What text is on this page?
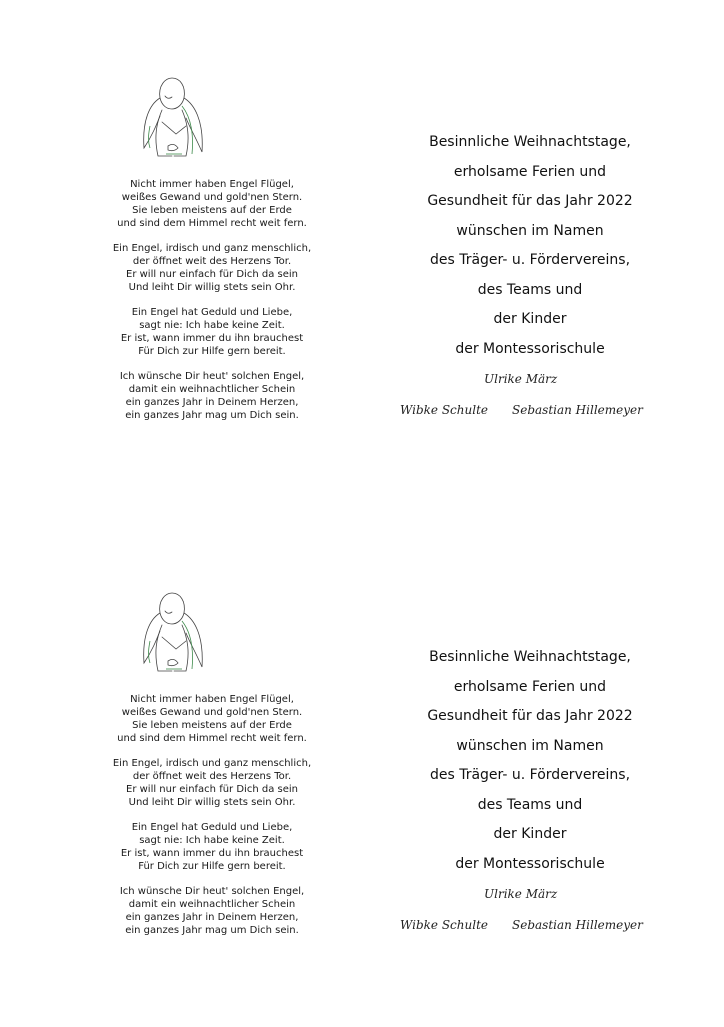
Nicht immer haben Engel Flügel,
weißes Gewand und gold'nen Stern.
Sie leben meistens auf der Erde
und sind dem Himmel recht weit fern.
Ein Engel, irdisch und ganz menschlich,
der öffnet weit des Herzens Tor.
Er will nur einfach für Dich da sein
Und leiht Dir willig stets sein Ohr.
Ein Engel hat Geduld und Liebe,
sagt nie: Ich habe keine Zeit.
Er ist, wann immer du ihn brauchest
Für Dich zur Hilfe gern bereit.
Ich wünsche Dir heut' solchen Engel,
damit ein weihnachtlicher Schein
ein ganzes Jahr in Deinem Herzen,
ein ganzes Jahr mag um Dich sein.
Besinnliche Weihnachtstage,
erholsame Ferien und
Gesundheit für das Jahr 2022
wünschen im Namen
des Träger- u. Fördervereins,
des Teams und
der Kinder
der Montessorischule
Ulrike März
Wibke Schulte Sebastian Hillemeyer
Nicht immer haben Engel Flügel,
weißes Gewand und gold'nen Stern.
Sie leben meistens auf der Erde
und sind dem Himmel recht weit fern.
Ein Engel, irdisch und ganz menschlich,
der öffnet weit des Herzens Tor.
Er will nur einfach für Dich da sein
Und leiht Dir willig stets sein Ohr.
Ein Engel hat Geduld und Liebe,
sagt nie: Ich habe keine Zeit.
Er ist, wann immer du ihn brauchest
Für Dich zur Hilfe gern bereit.
Ich wünsche Dir heut' solchen Engel,
damit ein weihnachtlicher Schein
ein ganzes Jahr in Deinem Herzen,
ein ganzes Jahr mag um Dich sein.
Besinnliche Weihnachtstage,
erholsame Ferien und
Gesundheit für das Jahr 2022
wünschen im Namen
des Träger- u. Fördervereins,
des Teams und
der Kinder
der Montessorischule
Ulrike März
Wibke Schulte Sebastian Hillemeyer
